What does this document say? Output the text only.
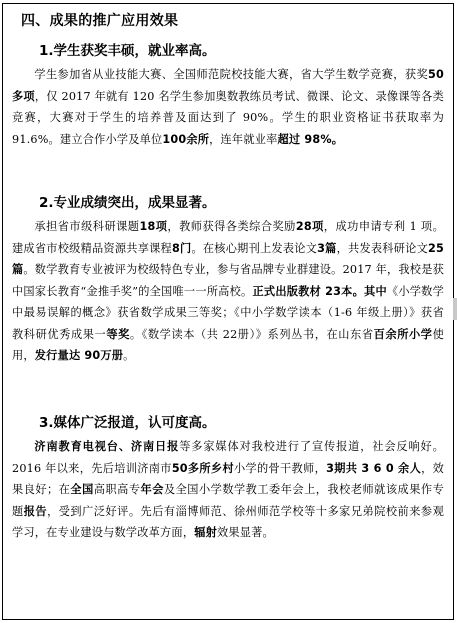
四、成果的推广应用效果
1.学生获奖丰硕，就业率高。

学生参加省从业技能大赛、全国师范院校技能大赛，省大学生数学竞赛，获奖50多项，仅 2017 年就有 120 名学生参加奥数教练员考试、微课、论文、录像课等各类竞赛，大赛对于学生的培养普及面达到了 90%。学生的职业资格证书获取率为 91.6%。建立合作小学及单位100余所，连年就业率超过 98%。

2.专业成绩突出，成果显著。

承担省市级科研课题18项，教师获得各类综合奖励28项，成功申请专利 1 项。建成省市校级精品资源共享课程8门。在核心期刊上发表论文3篇，共发表科研论文25篇。数学教育专业被评为校级特色专业，参与省品牌专业群建设。2017 年，我校是获中国家长教育“金推手奖”的全国唯一一所高校。正式出版教材 23本。其中《小学数学中最易误解的概念》获省数学成果三等奖；《中小学数学读本（1-6 年级上册）》获省教科研优秀成果一等奖。《数学读本（共 22册）》系列丛书，在山东省百余所小学使用，发行量达 90万册。

3.媒体广泛报道，认可度高。

济南教育电视台、济南日报等多家媒体对我校进行了宣传报道，社会反响好。2016 年以来，先后培训济南市50多所乡村小学的骨干教师，3期共 3 6 0 余人，效果良好；在全国高职高专年会及全国小学数学教工委年会上，我校老师就该成果作专题报告，受到广泛好评。先后有淄博师范、徐州师范学校等十多家兄弟院校前来参观学习，在专业建设与数学改革方面，辐射效果显著。
